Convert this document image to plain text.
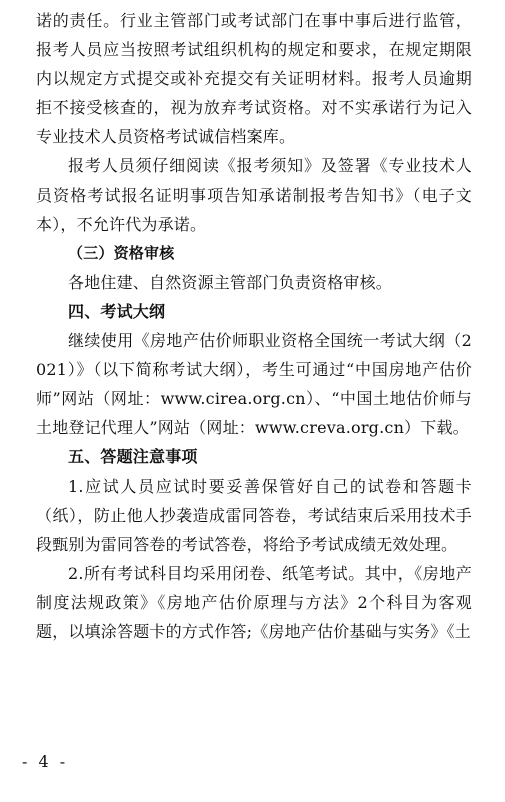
诺的责任。行业主管部门或考试部门在事中事后进行监管，报考人员应当按照考试组织机构的规定和要求，在规定期限内以规定方式提交或补充提交有关证明材料。报考人员逾期拒不接受核查的，视为放弃考试资格。对不实承诺行为记入专业技术人员资格考试诚信档案库。

报考人员须仔细阅读《报考须知》及签署《专业技术人员资格考试报名证明事项告知承诺制报考告知书》（电子文本），不允许代为承诺。

（三）资格审核

各地住建、自然资源主管部门负责资格审核。

四、考试大纲

继续使用《房地产估价师职业资格全国统一考试大纲（2021）》（以下简称考试大纲），考生可通过“中国房地产估价师”网站（网址：www.cirea.org.cn）、“中国土地估价师与土地登记代理人”网站（网址：www.creva.org.cn）下载。

五、答题注意事项

1.应试人员应试时要妥善保管好自己的试卷和答题卡（纸），防止他人抄袭造成雷同答卷，考试结束后采用技术手段甄别为雷同答卷的考试答卷，将给予考试成绩无效处理。

2.所有考试科目均采用闭卷、纸笔考试。其中，《房地产制度法规政策》《房地产估价原理与方法》2个科目为客观题，以填涂答题卡的方式作答;《房地产估价基础与实务》《土

- 4 -
